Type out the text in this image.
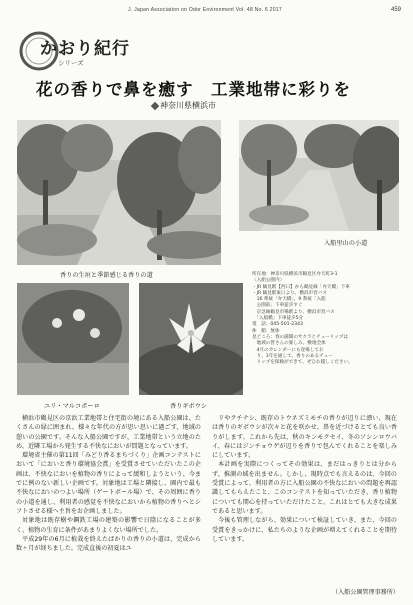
J. Japan Association on Odor Environment Vol. 48 No. 6 2017	459
かおり紀行
シリーズ
花の香りで鼻を癒す　工業地帯に彩りを
神奈川県横浜市
入船里山の小道
香りの生垣と季節感じる香りの道
ユリ・マルコポーロ	香りギボウシ
所在地：神奈川県横浜市鶴見区弁天町3-1
〈入船公園内〉
・JR 鶴見駅【西口】から鶴見線「弁天橋」下車
・JR 鶴見駅東口より、横浜市営バス
　16 系統「弁天橋」、9 系統「入船
　公園前」下車徒歩すぐ
　京急線鶴見市場駅より、横浜市営バス
　「入船橋」下車徒歩5分
電　話：045-501-2343
休　館：無休
見どころ：春の満開のサクラとチューリップは
　地域の皆さんの楽しみ。敷地全体
　4月のカレンダーにも登場してお
　り、1年を通して、香りのあるチュー
　リップを探検ができて、ぜひお越しください。

横浜市鶴見区の京浜工業地帯と住宅街の境にある入船公園は、たくさんの緑に囲まれ、様々な年代の方が思い思いに過ごす、地域の憩いの公園です。そんな入船公園ですが、工業地帯という立地のため、近隣工場から発生する不快なにおいが問題となっています。

環境省主催の第11回「みどり香るまちづくり」企画コンテストにおいて「においと香り環境協会賞」を受賞させていただいたこの企画は、不快なにおいを植物の香りによって緩和しようという、今までに例のない新しい企画です。対象地は工場と隣接し、園内で最も不快なにおいのつよい場所（ゲートボール場）で、その周囲に香りの小道を通し、利用者の感覚を不快なにおいから植物の香りへとシフトさせる様へ主旨をお企画しました。

対象地は既存樹や鋼鉄工場の建築の影響で日陰になることが多く、植物の生育に条件があまりよくない場所でした。

平成29年の6月に植栽を終えたばかりの香りの小道は、完成から数ヶ月が経ちました。完成直後の初夏はユ

リやクチナシ、既存のトウネズミモチの香りが辺りに漂い、現在は香りのギボウシが次々と花を咲かせ、鼻を近づけるとても良い香りがします。これから先は、秋のキンモクセイ、冬のソシンロウバイ、春にはジンチョウゲが辺りを香りで包んでくれることを楽しみにしています。

本計画を実際につくってその効果は、まだはっきりとは分からず、推測の域を出ません。しかし、現時点でも言えるのは、今回の受賞によって、利用者の方に入船公園の不快なにおいの問題を再認識してもらえたこと、このコンテストを知っていただき、香り植物についても関心を持っていただけたこと、これはとても大きな成果であると思います。

今後も管理しながら、効果について検証していき、また、今回の受賞をきっかけに、私たちのような企画が増えてくれることを期待しています。

（入船公園管理事務所）
